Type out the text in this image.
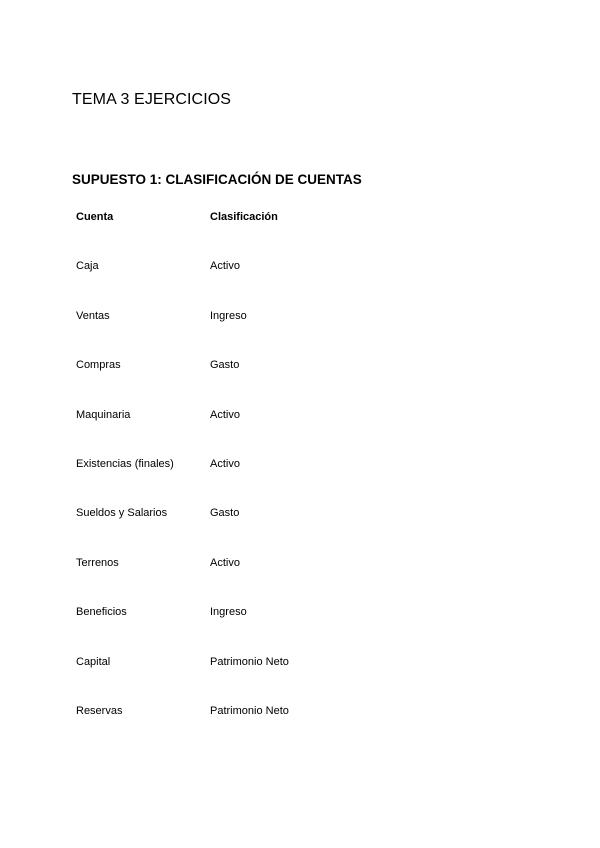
TEMA 3 EJERCICIOS
SUPUESTO 1: CLASIFICACIÓN DE CUENTAS
Cuenta	Clasificación
Caja	Activo
Ventas	Ingreso
Compras	Gasto
Maquinaria	Activo
Existencias (finales)	Activo
Sueldos y Salarios	Gasto
Terrenos	Activo
Beneficios	Ingreso
Capital	Patrimonio Neto
Reservas	Patrimonio Neto
